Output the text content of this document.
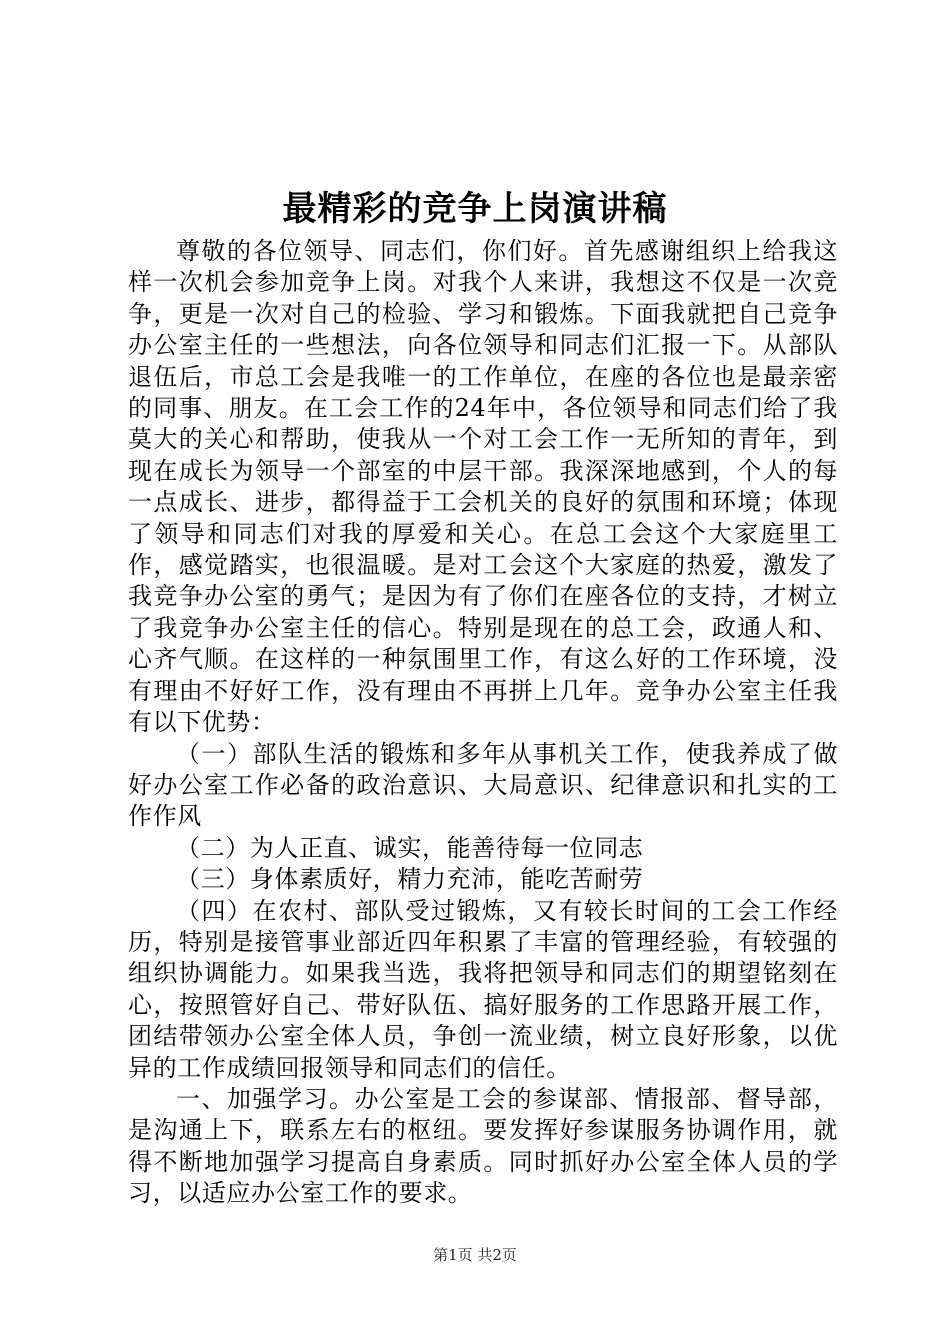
最精彩的竞争上岗演讲稿

尊敬的各位领导、同志们，你们好。首先感谢组织上给我这样一次机会参加竞争上岗。对我个人来讲，我想这不仅是一次竞争，更是一次对自己的检验、学习和锻炼。下面我就把自己竞争办公室主任的一些想法，向各位领导和同志们汇报一下。从部队退伍后，市总工会是我唯一的工作单位，在座的各位也是最亲密的同事、朋友。在工会工作的24年中，各位领导和同志们给了我莫大的关心和帮助，使我从一个对工会工作一无所知的青年，到现在成长为领导一个部室的中层干部。我深深地感到，个人的每一点成长、进步，都得益于工会机关的良好的氛围和环境；体现了领导和同志们对我的厚爱和关心。在总工会这个大家庭里工作，感觉踏实，也很温暖。是对工会这个大家庭的热爱，激发了我竞争办公室的勇气；是因为有了你们在座各位的支持，才树立了我竞争办公室主任的信心。特别是现在的总工会，政通人和、心齐气顺。在这样的一种氛围里工作，有这么好的工作环境，没有理由不好好工作，没有理由不再拼上几年。竞争办公室主任我有以下优势：

（一）部队生活的锻炼和多年从事机关工作，使我养成了做好办公室工作必备的政治意识、大局意识、纪律意识和扎实的工作作风

（二）为人正直、诚实，能善待每一位同志

（三）身体素质好，精力充沛，能吃苦耐劳

（四）在农村、部队受过锻炼，又有较长时间的工会工作经历，特别是接管事业部近四年积累了丰富的管理经验，有较强的组织协调能力。如果我当选，我将把领导和同志们的期望铭刻在心，按照管好自己、带好队伍、搞好服务的工作思路开展工作，团结带领办公室全体人员，争创一流业绩，树立良好形象，以优异的工作成绩回报领导和同志们的信任。

一、加强学习。办公室是工会的参谋部、情报部、督导部，是沟通上下，联系左右的枢纽。要发挥好参谋服务协调作用，就得不断地加强学习提高自身素质。同时抓好办公室全体人员的学习，以适应办公室工作的要求。

第1页 共2页
